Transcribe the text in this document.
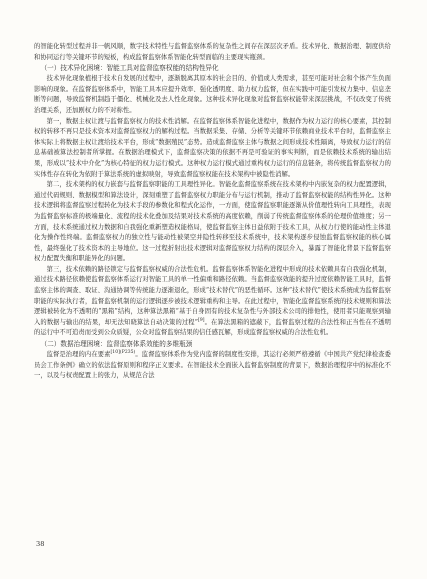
的智能化转型过程并非一帆风顺，数字技术特性与监督监察体系的复杂性之间存在深层次矛盾。技术异化、数据治理、制度供给和协同运行等关键环节的短板，构成监督监察体系智能化转型面临的主要现实瓶颈。

（一）技术异化困境：智能工具对监督监察权能的结构性异化

技术异化现象植根于技术自发展的过程中，逐渐脱离其原本的社会目的、价值或人类需求，甚至可能对社会和个体产生负面影响的现象。在监督监察体系中，智能工具本应提升效率、强化透明度、助力权力监督，但在实践中可能引发权力集中、信息垄断等问题，导致监督机制趋于僵化、机械化及去人性化现象。这种技术异化现象对监督监察权能带来深层挑战，不仅改变了传统治理关系，还加剧权力的不对称性。

第一，数据主权让渡与监督监察权力的技术性消解。在监督监察体系智能化进程中，数据作为权力运行的核心要素，其控制权的转移不再只是技术资本对监督监察权力的解构过程。当数据采集、存储、分析等关键环节依赖商业技术平台时，监督监察主体实际上将数据主权让渡给技术平台，形成“数据殖民”态势。造成监督监察主体与数据之间形成技术性隔离，导致权力运行的信息基础被算法控制者所掌握。在数据治理模式下，监督监察决策的依据不再是可验证的事实判断，而是依赖技术系统的输出结果，形成以“技术中介化”为核心特征的权力运行模式。这种权力运行模式通过重构权力运行的信息链条，将传统监督监察权力的实体性存在转化为依附于算法系统的虚拟映射，导致监督监察权能在技术架构中被隐性消解。

第二，技术架构的权力嵌套与监督监察职能的工具理性异化。智能化监督监察系统在技术架构中内嵌复杂的权力配置逻辑，通过代码规则、数据模型和算法设计，深刻重塑了监督监察权力职能分布与运行机制，推动了监督监察权能的结构性异化。这种技术逻辑将监督监察过程转化为技术手段的参数化和程式化运作，一方面，使监督监察职能逐渐从价值理性转向工具理性，表现为监督监察标准的极端量化、流程的技术化叠加及结果对技术系统的高度依赖，削弱了传统监督监察体系的伦理价值维度；另一方面，技术系统通过权力数据和自我强化重新塑造权能格局，使监督监察主体日益依附于技术工具，从权力行使的能动性主体退化为操作性终端。监督监察权力的独立性与能动性被架空并隐性转移至技术系统中，技术架构逐步侵蚀监督监察权能的核心属性，最终强化了技术资本的主导地位。这一过程折射出技术逻辑对监督监察权力结构的深层介入，暴露了智能化背景下监督监察权力配置失衡和职能异化的问题。

第三，技术依赖的路径锁定与监督监察权威的合法性危机。监督监察体系智能化进程中形成的技术依赖具有自我强化机制，通过技术路径依赖使监督监察体系运行对智能工具的单一性偏重和路径依赖。当监督监察效能的提升过度依赖智能工具时，监督监察主体的调查、取证、沟通协调等传统能力逐渐退化，形成“技术替代”的恶性循环。这种“技术替代”使技术系统成为监督监察职能的实际执行者，监督监察机制的运行逻辑逐步被技术逻辑重构和主导。在此过程中，智能化监督监察系统的技术规则和算法逻辑被转化为不透明的“黑箱”结构，这种算法黑箱“基于自身固有的技术复杂性与外部技术公司的排他性，使用者只能观察到输入的数据与输出的结果，却无法知晓算法自动决策的过程”[9]。在算法黑箱的遮蔽下，监督监察过程的合法性和正当性在不透明的运行中不可追责而受到公众质疑，公众对监督监察结果的信任感瓦解，形成监督监察权威的合法性危机。

（二）数据治理困境：监督监察体系效能的多维瓶颈

监督是治理的内在要素$^{[10](P235)}$。监督监察体系作为党内监督的制度性安排，其运行必须严格遵循《中国共产党纪律检查委员会工作条例》确立的依法监督原则和程序正义要求。在智能技术全面嵌入监督监察制度的背景下，数据治理程序中的标准化不一，以及与权责配置上的张力，从规范合法

38
